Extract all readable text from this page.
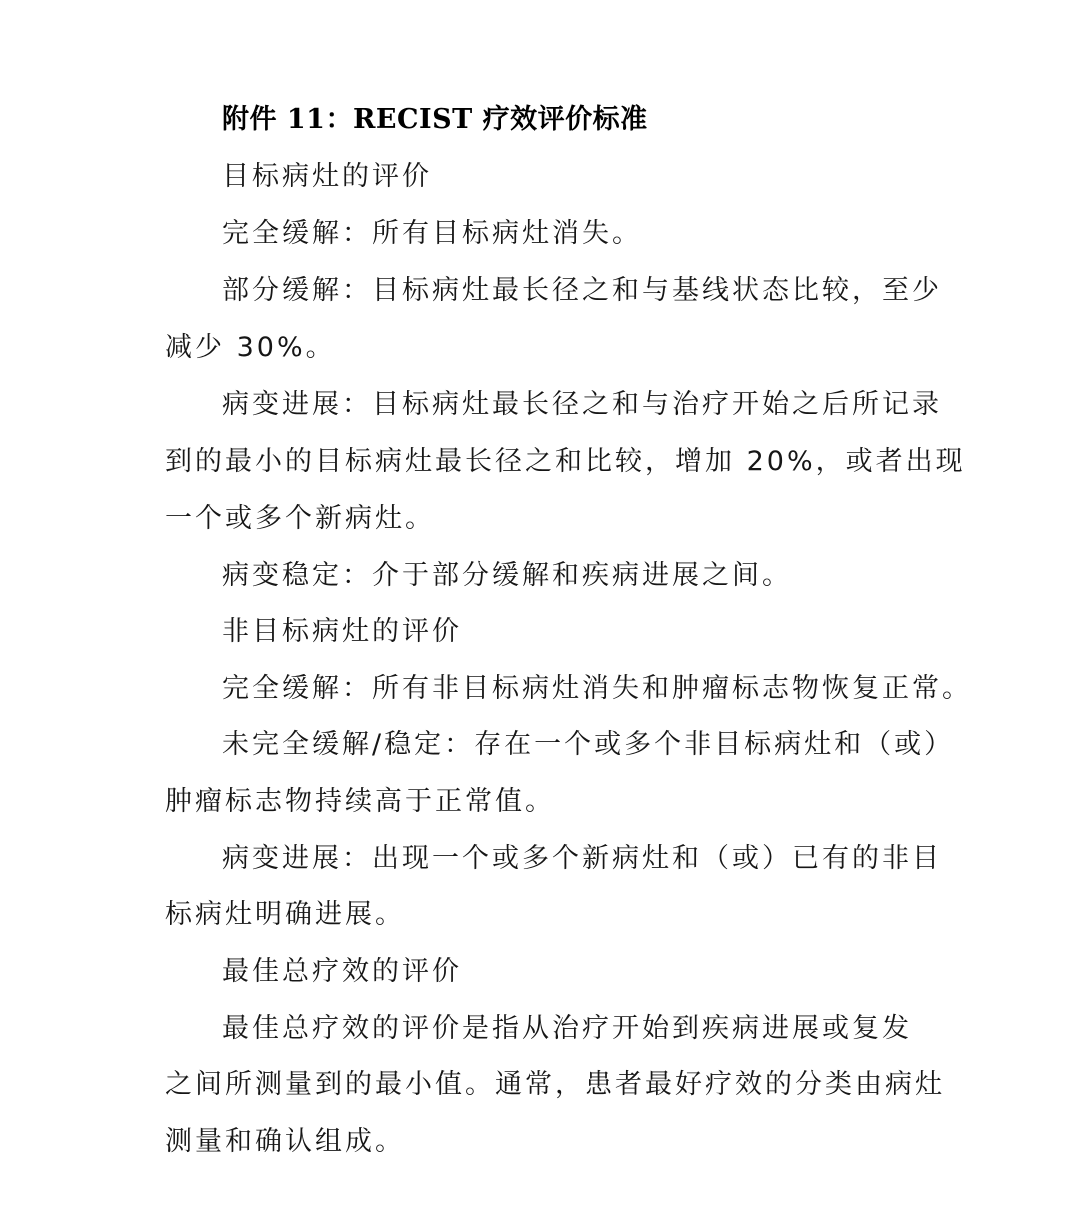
附件 11：RECIST 疗效评价标准
目标病灶的评价
完全缓解：所有目标病灶消失。
部分缓解：目标病灶最长径之和与基线状态比较，至少
减少 30%。
病变进展：目标病灶最长径之和与治疗开始之后所记录
到的最小的目标病灶最长径之和比较，增加 20%，或者出现
一个或多个新病灶。
病变稳定：介于部分缓解和疾病进展之间。
非目标病灶的评价
完全缓解：所有非目标病灶消失和肿瘤标志物恢复正常。
未完全缓解/稳定：存在一个或多个非目标病灶和（或）
肿瘤标志物持续高于正常值。
病变进展：出现一个或多个新病灶和（或）已有的非目
标病灶明确进展。
最佳总疗效的评价
最佳总疗效的评价是指从治疗开始到疾病进展或复发
之间所测量到的最小值。通常，患者最好疗效的分类由病灶
测量和确认组成。
